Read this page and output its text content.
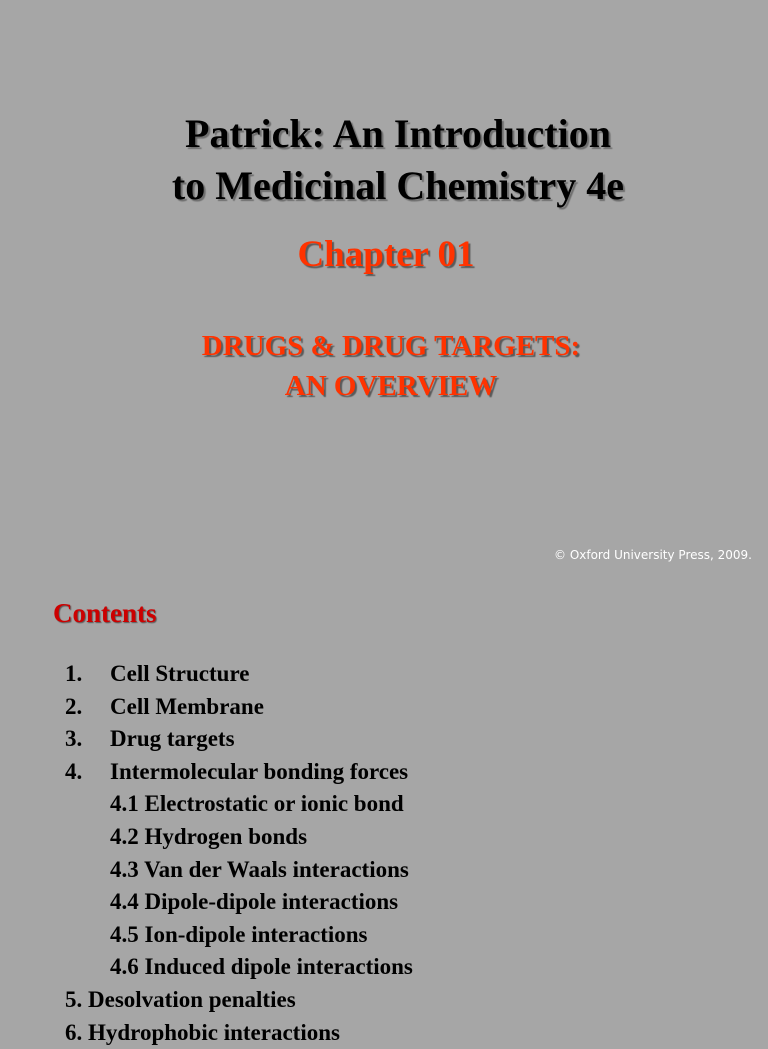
Patrick: An Introduction
to Medicinal Chemistry 4e
Chapter 01
DRUGS & DRUG TARGETS:
AN OVERVIEW
© Oxford University Press, 2009.
Contents
1. Cell Structure
2. Cell Membrane
3. Drug targets
4. Intermolecular bonding forces
4.1 Electrostatic or ionic bond
4.2 Hydrogen bonds
4.3 Van der Waals interactions
4.4 Dipole-dipole interactions
4.5 Ion-dipole interactions
4.6 Induced dipole interactions
5. Desolvation penalties
6. Hydrophobic interactions
